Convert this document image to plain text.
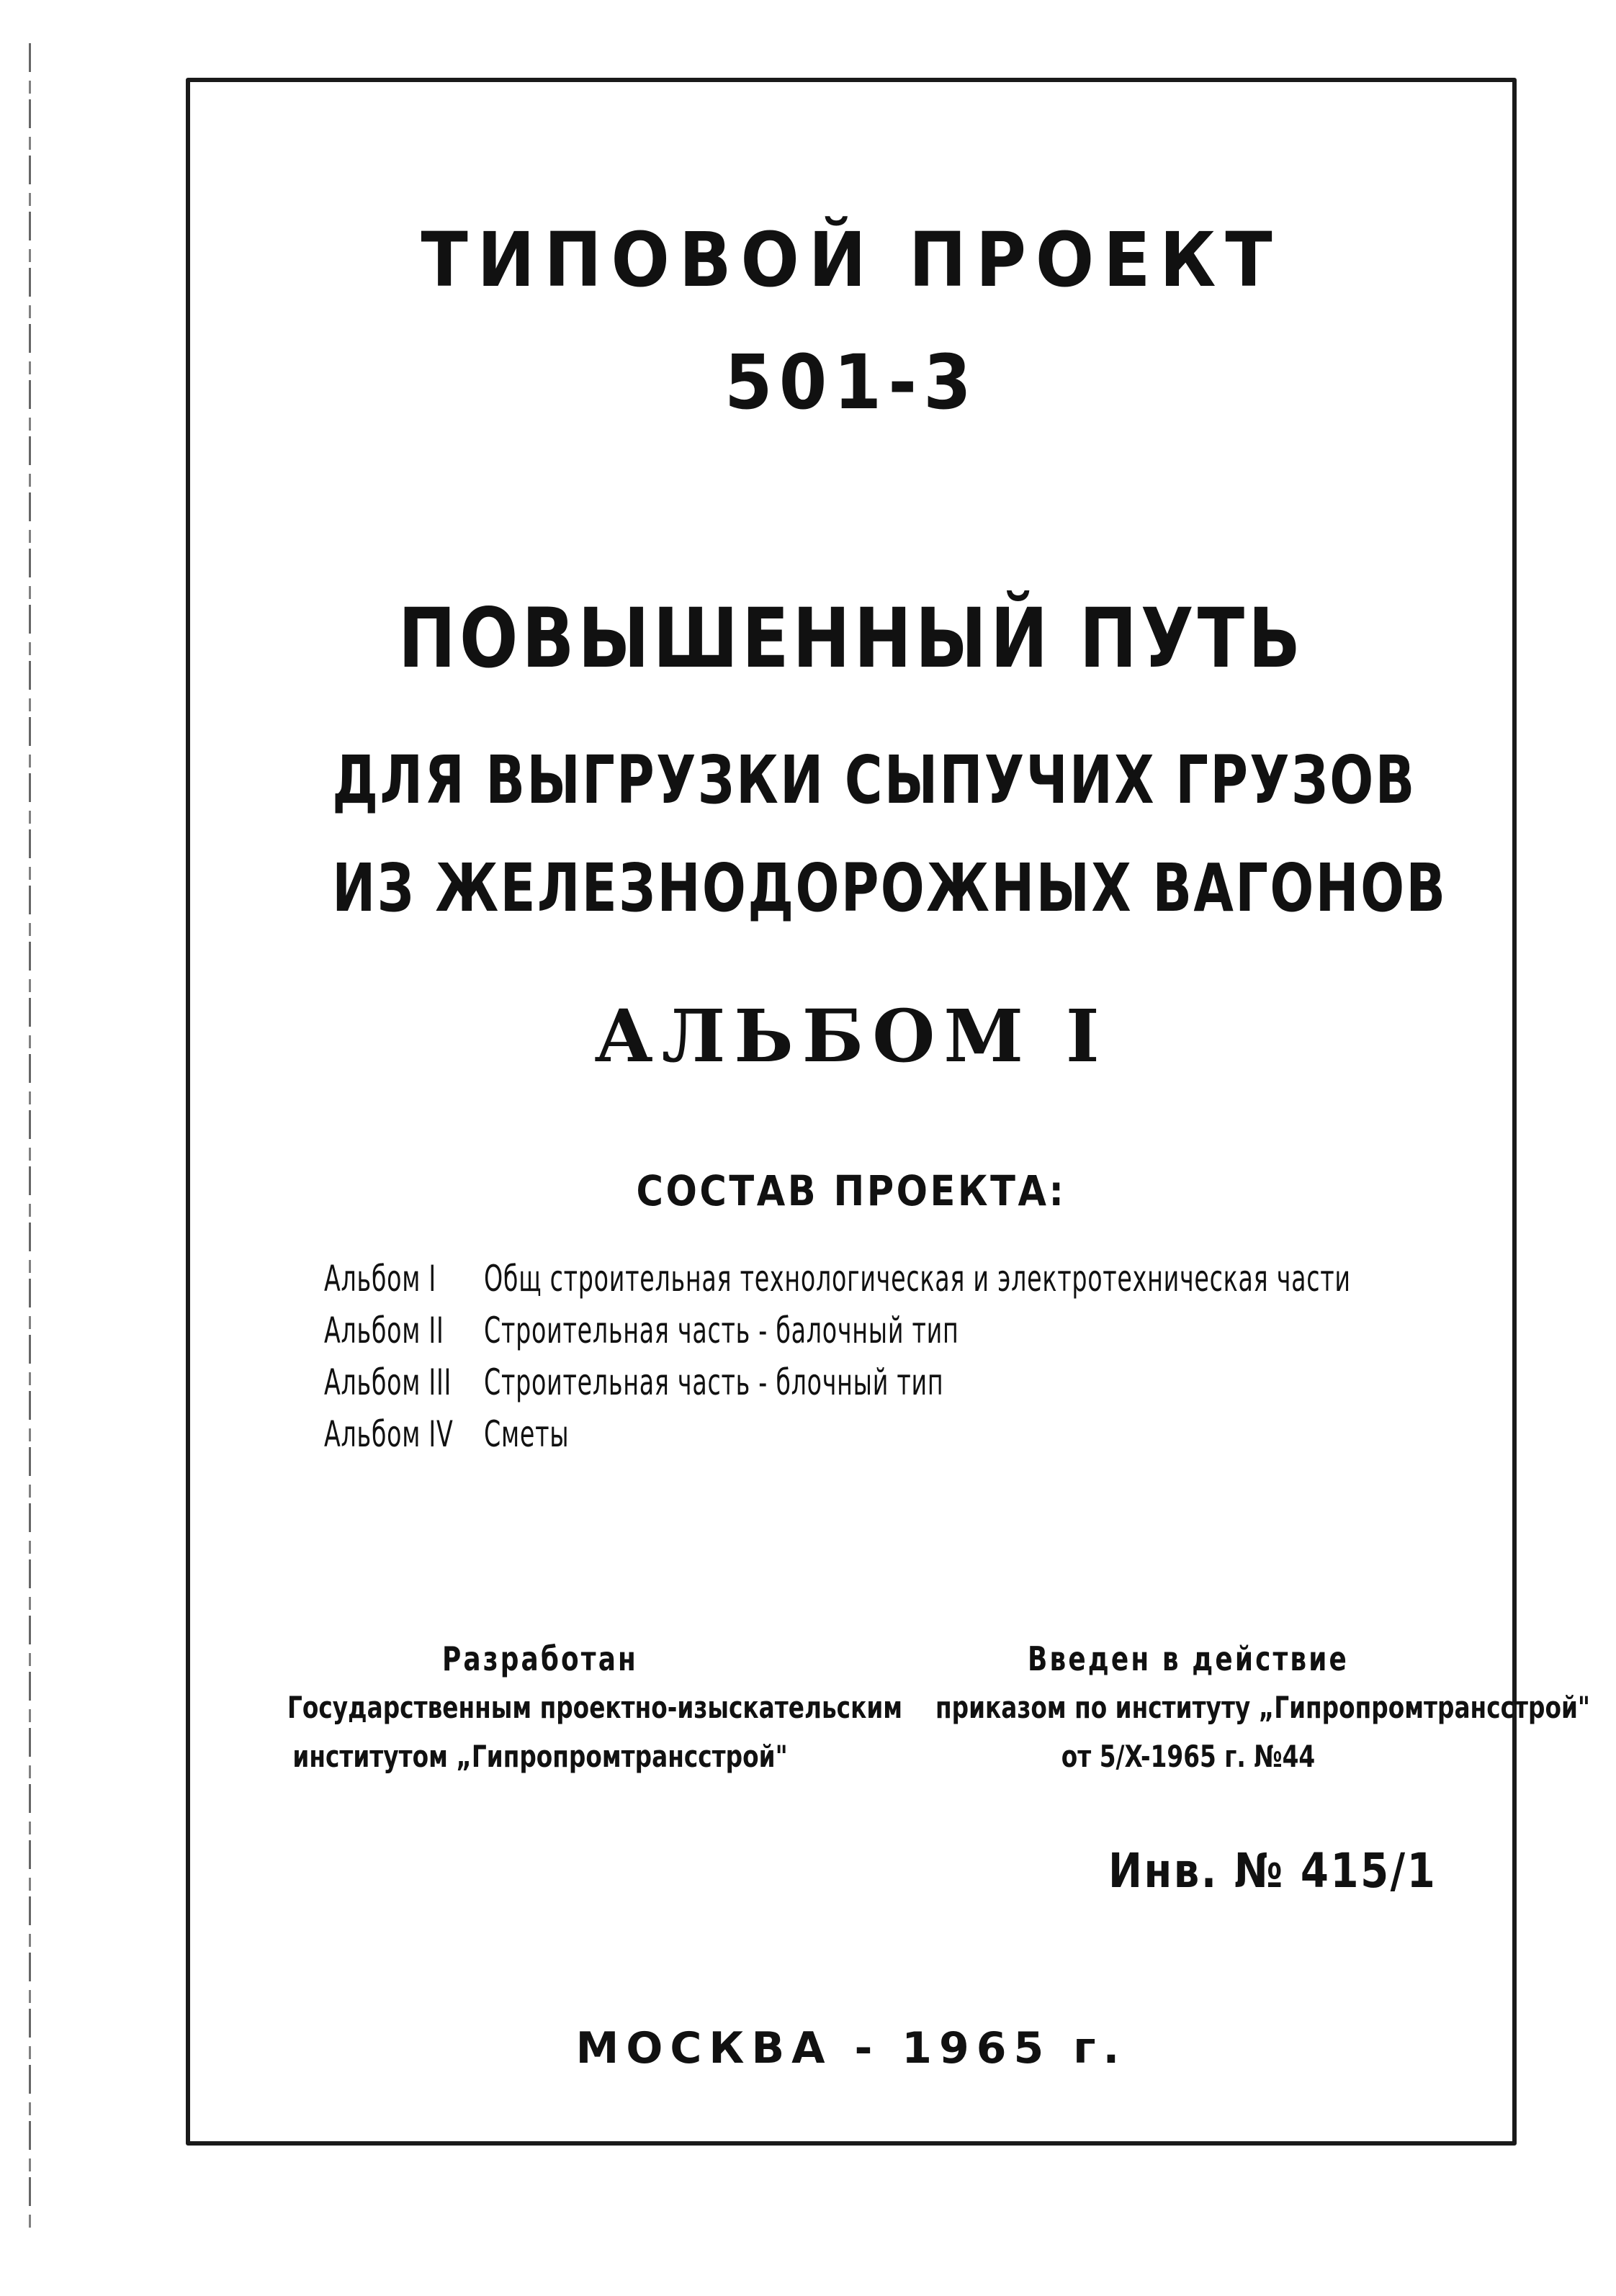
ТИПОВОЙ ПРОЕКТ
501-3
ПОВЫШЕННЫЙ ПУТЬ
ДЛЯ ВЫГРУЗКИ СЫПУЧИХ ГРУЗОВ
ИЗ ЖЕЛЕЗНОДОРОЖНЫХ ВАГОНОВ
АЛЬБОМ I
СОСТАВ ПРОЕКТА:
Альбом I Общ строительная технологическая и электротехническая части
Альбом II Строительная часть - балочный тип
Альбом III Строительная часть - блочный тип
Альбом IV Сметы
Разработан
Государственным проектно-изыскательским
институтом „Гипропромтрансстрой"
Введен в действие
приказом по институту „Гипропромтрансстрой"
от 5/X-1965 г. №44
Инв. № 415/1
МОСКВА - 1965 г.
